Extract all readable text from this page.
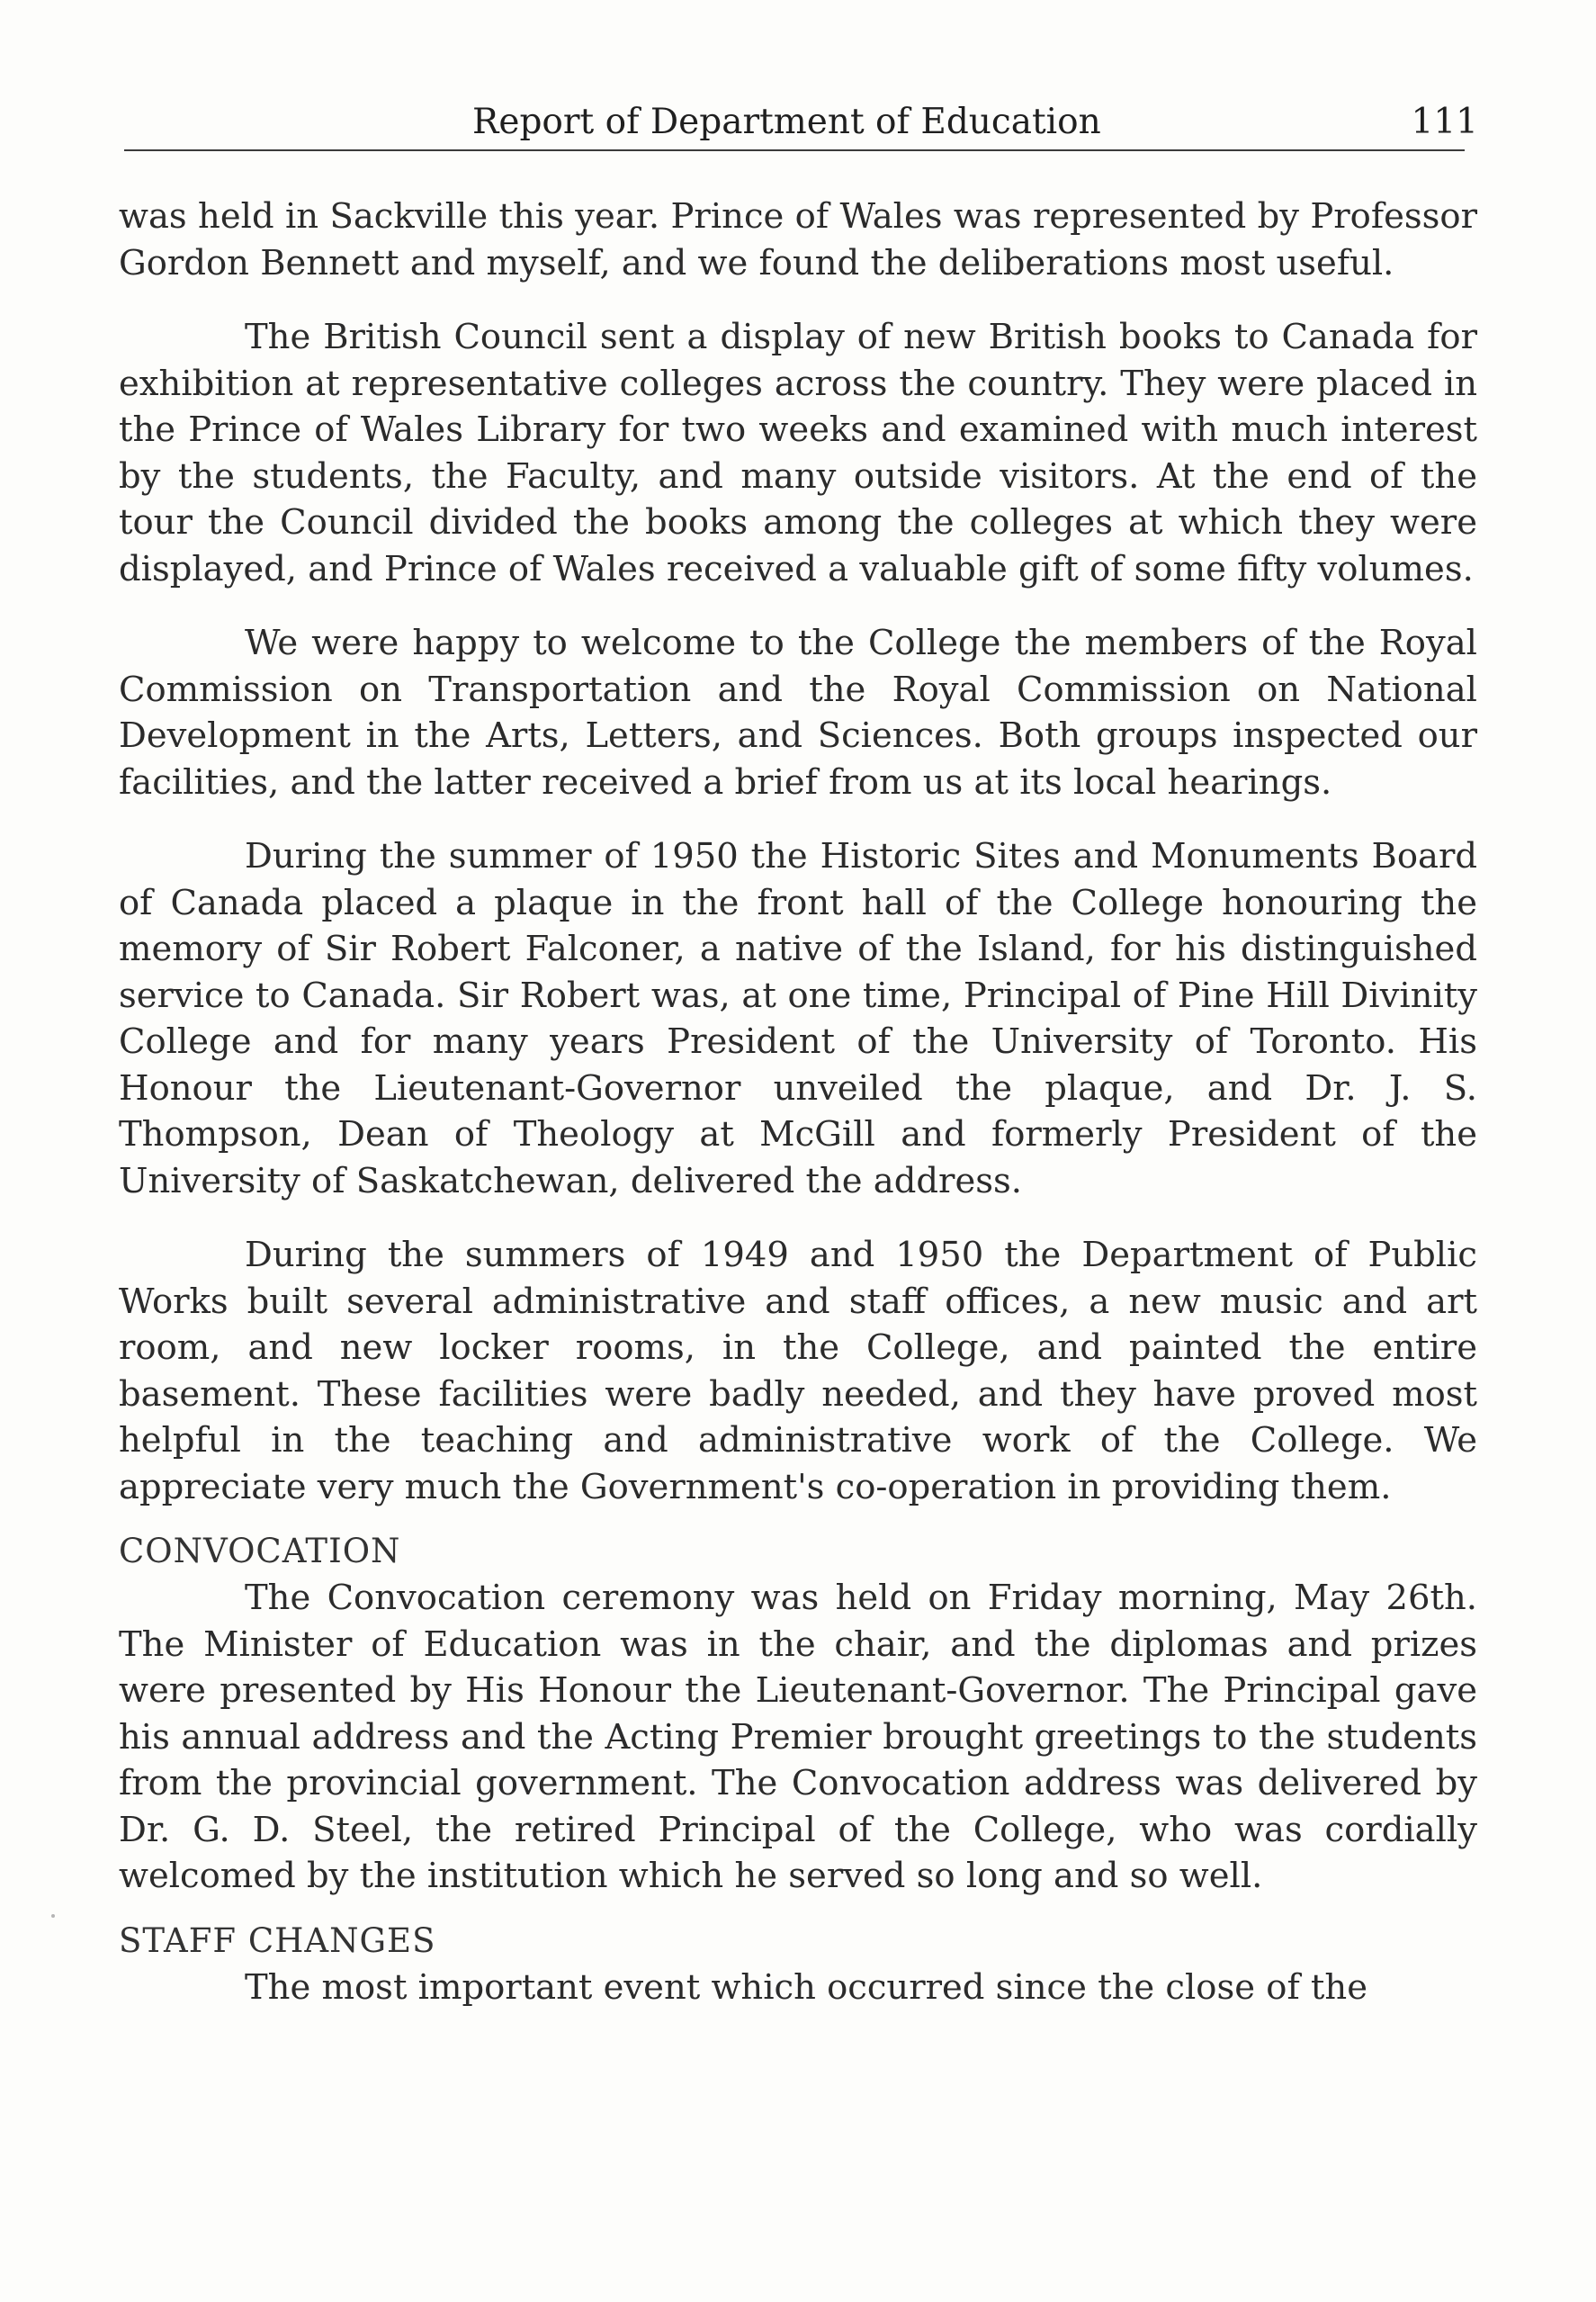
Report of Department of Education	111

was held in Sackville this year. Prince of Wales was represented by Professor Gordon Bennett and myself, and we found the deliberations most useful.

The British Council sent a display of new British books to Canada for exhibition at representative colleges across the country. They were placed in the Prince of Wales Library for two weeks and examined with much interest by the students, the Faculty, and many outside visitors. At the end of the tour the Council divided the books among the colleges at which they were displayed, and Prince of Wales received a valuable gift of some fifty volumes.

We were happy to welcome to the College the members of the Royal Commission on Transportation and the Royal Commission on National Development in the Arts, Letters, and Sciences. Both groups inspected our facilities, and the latter received a brief from us at its local hearings.

During the summer of 1950 the Historic Sites and Monuments Board of Canada placed a plaque in the front hall of the College honouring the memory of Sir Robert Falconer, a native of the Island, for his distinguished service to Canada. Sir Robert was, at one time, Principal of Pine Hill Divinity College and for many years President of the University of Toronto. His Honour the Lieutenant-Governor unveiled the plaque, and Dr. J. S. Thompson, Dean of Theology at McGill and formerly President of the University of Saskatchewan, delivered the address.

During the summers of 1949 and 1950 the Department of Public Works built several administrative and staff offices, a new music and art room, and new locker rooms, in the College, and painted the entire basement. These facilities were badly needed, and they have proved most helpful in the teaching and administrative work of the College. We appreciate very much the Government's co-operation in providing them.

CONVOCATION

The Convocation ceremony was held on Friday morning, May 26th. The Minister of Education was in the chair, and the diplomas and prizes were presented by His Honour the Lieutenant-Governor. The Principal gave his annual address and the Acting Premier brought greetings to the students from the provincial government. The Convocation address was delivered by Dr. G. D. Steel, the retired Principal of the College, who was cordially welcomed by the institution which he served so long and so well.

STAFF CHANGES

The most important event which occurred since the close of the
